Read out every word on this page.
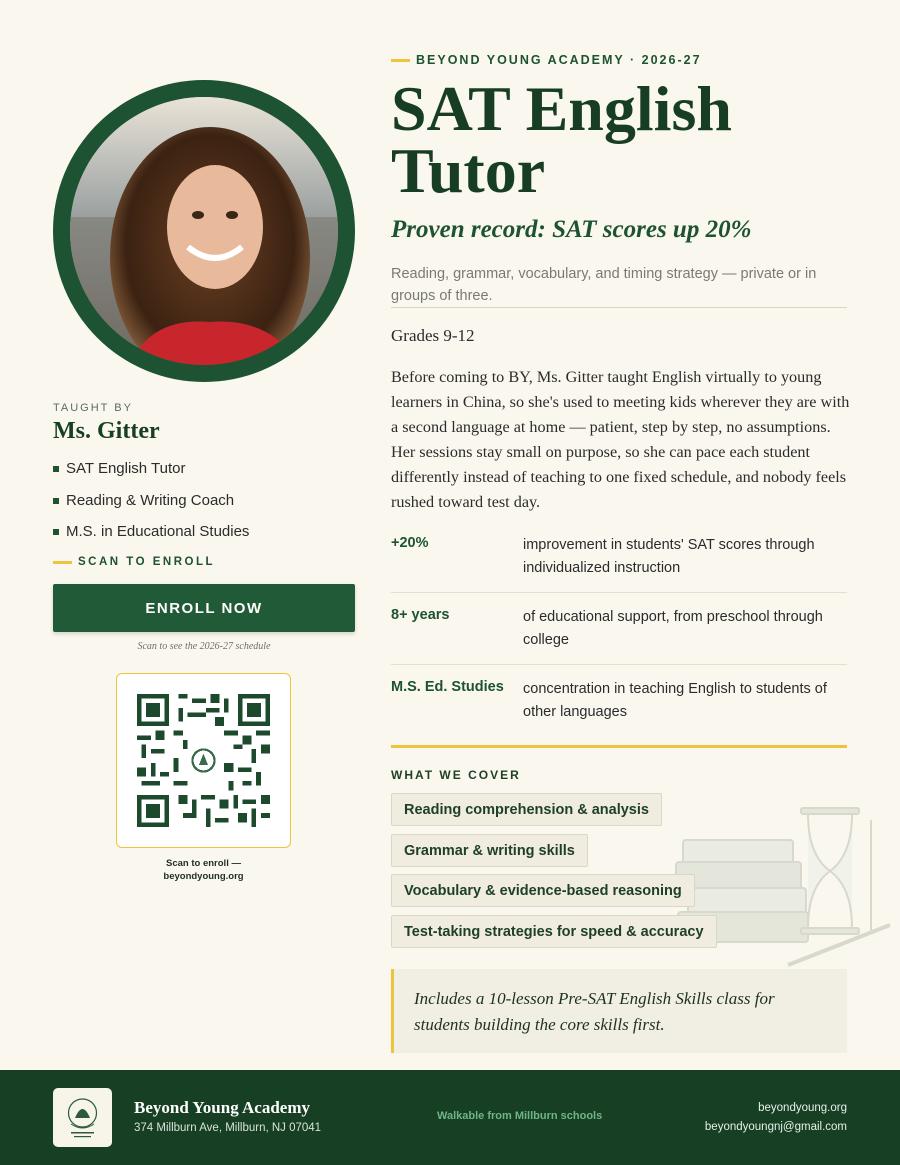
TAUGHT BY
Ms. Gitter
SAT English Tutor
Reading & Writing Coach
M.S. in Educational Studies
SCAN TO ENROLL
ENROLL NOW
Scan to see the 2026-27 schedule
Scan to enroll —
beyondyoung.org
BEYOND YOUNG ACADEMY · 2026-27
SAT English
Tutor
Proven record: SAT scores up 20%
Reading, grammar, vocabulary, and timing strategy — private or in groups of three.
Grades 9-12

Before coming to BY, Ms. Gitter taught English virtually to young learners in China, so she's used to meeting kids wherever they are with a second language at home — patient, step by step, no assumptions. Her sessions stay small on purpose, so she can pace each student differently instead of teaching to one fixed schedule, and nobody feels rushed toward test day.

+20%	improvement in students' SAT scores through individualized instruction
8+ years	of educational support, from preschool through college
M.S. Ed. Studies	concentration in teaching English to students of other languages
WHAT WE COVER
Reading comprehension & analysis
Grammar & writing skills
Vocabulary & evidence-based reasoning
Test-taking strategies for speed & accuracy
Includes a 10-lesson Pre-SAT English Skills class for students building the core skills first.
Beyond Young Academy
374 Millburn Ave, Millburn, NJ 07041
Walkable from Millburn schools
beyondyoung.org
beyondyoungnj@gmail.com
